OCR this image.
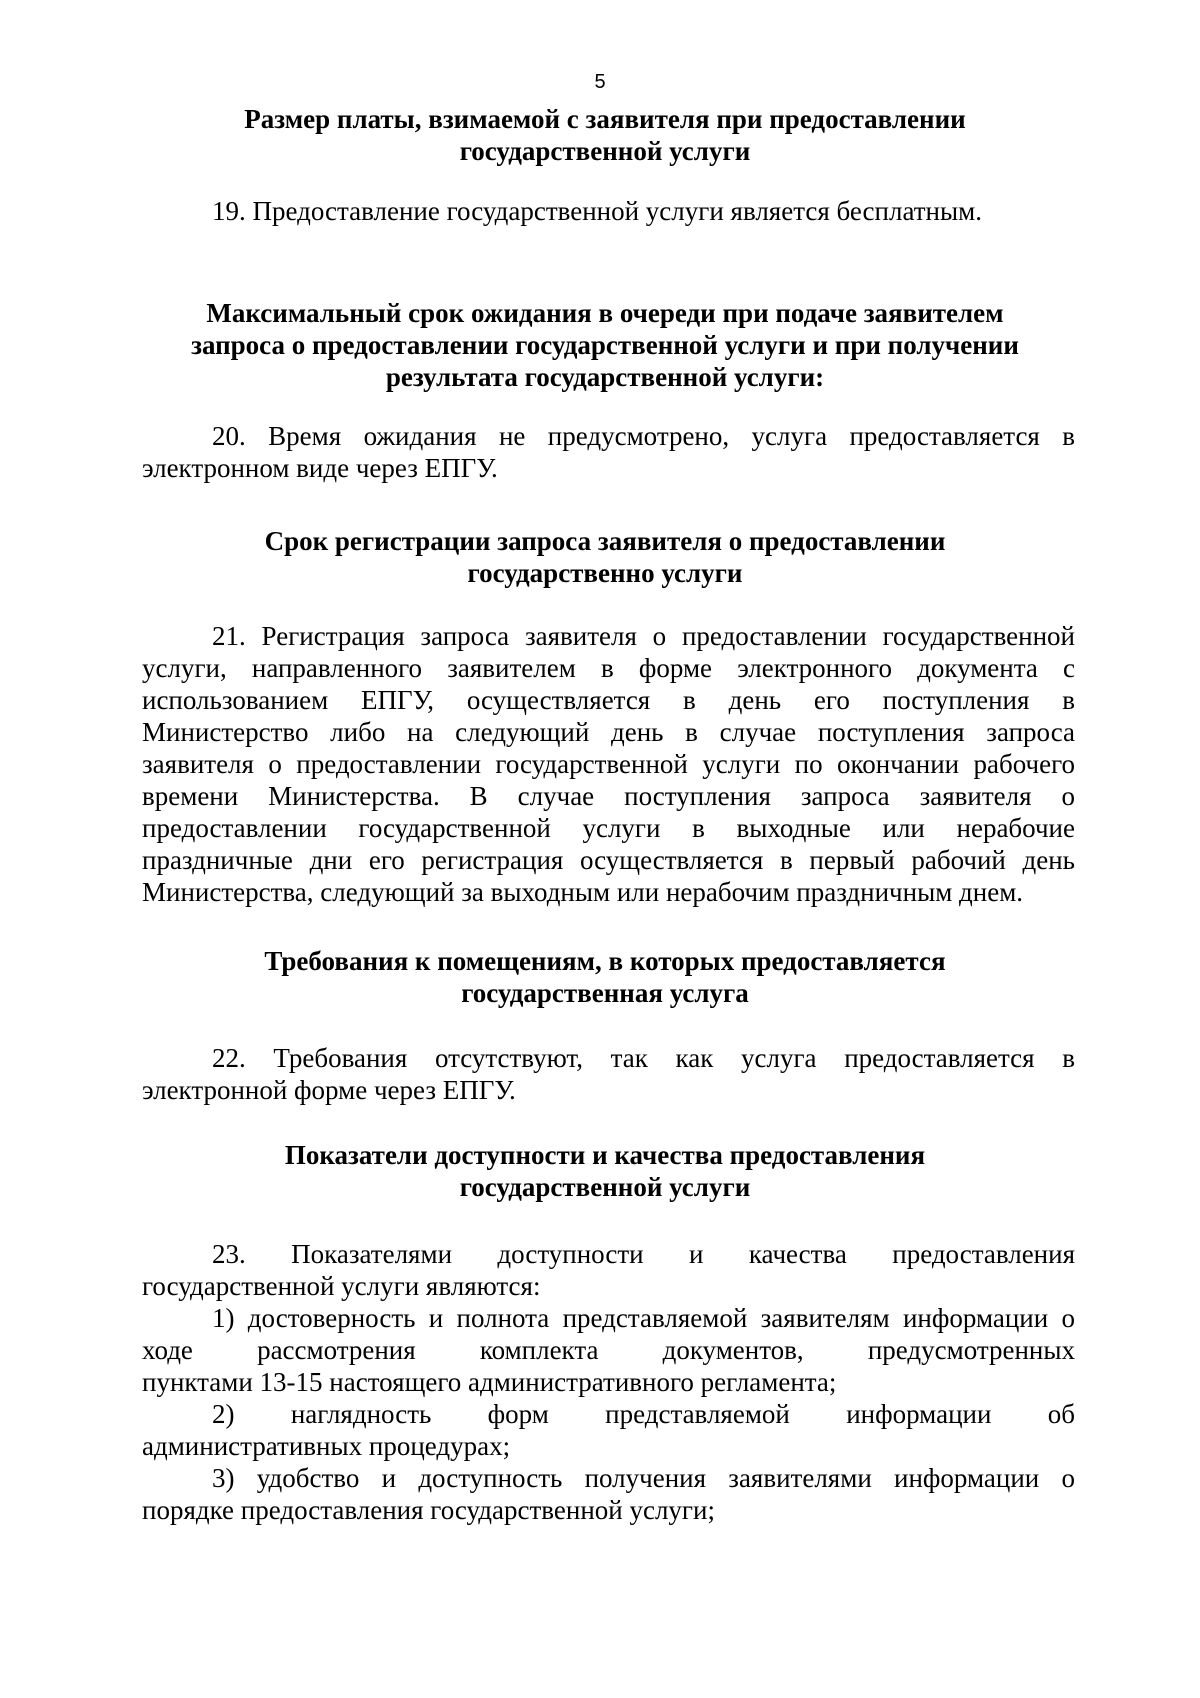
5
Размер платы, взимаемой с заявителя при предоставлении
государственной услуги
19. Предоставление государственной услуги является бесплатным.
Максимальный срок ожидания в очереди при подаче заявителем
запроса о предоставлении государственной услуги и при получении
результата государственной услуги:
20. Время ожидания не предусмотрено, услуга предоставляется в
электронном виде через ЕПГУ.
Срок регистрации запроса заявителя о предоставлении
государственно услуги
21. Регистрация запроса заявителя о предоставлении государственной
услуги, направленного заявителем в форме электронного документа с
использованием ЕПГУ, осуществляется в день его поступления в
Министерство либо на следующий день в случае поступления запроса
заявителя о предоставлении государственной услуги по окончании рабочего
времени Министерства. В случае поступления запроса заявителя о
предоставлении государственной услуги в выходные или нерабочие
праздничные дни его регистрация осуществляется в первый рабочий день
Министерства, следующий за выходным или нерабочим праздничным днем.
Требования к помещениям, в которых предоставляется
государственная услуга
22. Требования отсутствуют, так как услуга предоставляется в
электронной форме через ЕПГУ.
Показатели доступности и качества предоставления
государственной услуги
23. Показателями доступности и качества предоставления
государственной услуги являются:
1) достоверность и полнота представляемой заявителям информации о
ходе рассмотрения комплекта документов, предусмотренных
пунктами 13-15 настоящего административного регламента;
2) наглядность форм представляемой информации об
административных процедурах;
3) удобство и доступность получения заявителями информации о
порядке предоставления государственной услуги;
